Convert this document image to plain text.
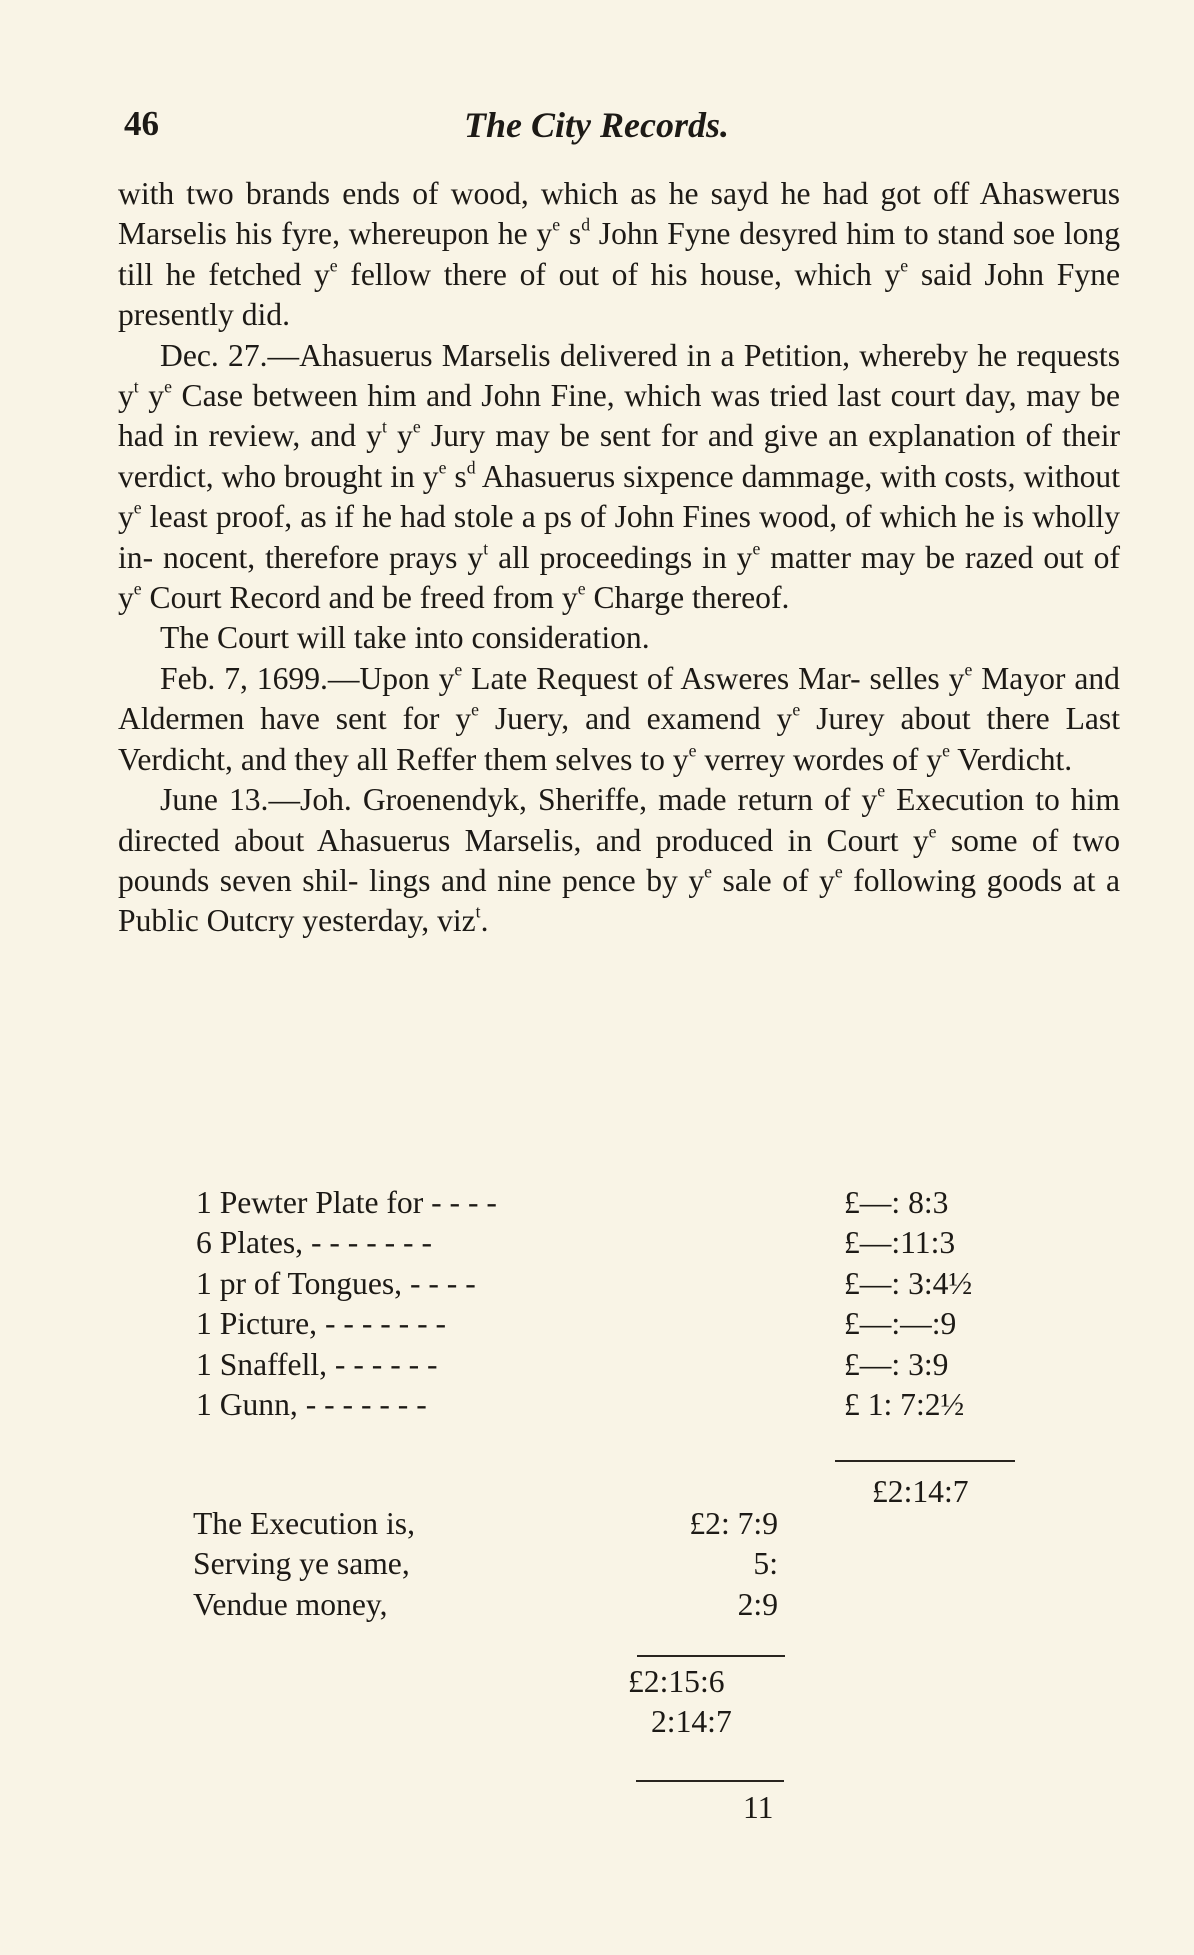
46	The City Records.

with two brands ends of wood, which as he sayd he had got off Ahaswerus Marselis his fyre, whereupon he $y^e$ $s^d$ John Fyne desyred him to stand soe long till he fetched $y^e$ fellow there of out of his house, which $y^e$ said John Fyne presently did.

Dec. 27.—Ahasuerus Marselis delivered in a Petition, whereby he requests $y^t$ $y^e$ Case between him and John Fine, which was tried last court day, may be had in review, and $y^t$ $y^e$ Jury may be sent for and give an explanation of their verdict, who brought in $y^e$ $s^d$ Ahasuerus sixpence dammage, with costs, without $y^e$ least proof, as if he had stole a ps of John Fines wood, of which he is wholly in- nocent, therefore prays $y^t$ all proceedings in $y^e$ matter may be razed out of $y^e$ Court Record and be freed from $y^e$ Charge thereof.

The Court will take into consideration.

Feb. 7, 1699.—Upon $y^e$ Late Request of Asweres Mar- selles $y^e$ Mayor and Aldermen have sent for $y^e$ Juery, and examend $y^e$ Jurey about there Last Verdicht, and they all Reffer them selves to $y^e$ verrey wordes of $y^e$ Verdicht.

June 13.—Joh. Groenendyk, Sheriffe, made return of $y^e$ Execution to him directed about Ahasuerus Marselis, and produced in Court $y^e$ some of two pounds seven shil- lings and nine pence by $y^e$ sale of $y^e$ following goods at a Public Outcry yesterday, viz$^t$.

1 Pewter Plate for - - - -	£—: 8:3
6 Plates, - - - - - - -	£—:11:3
1 pr of Tongues, - - - -	£—: 3:4½
1 Picture, - - - - - - -	£—:—:9
1 Snaffell, - - - - - -	£—: 3:9
1 Gunn, - - - - - - -	£ 1: 7:2½
£2:14:7
The Execution is,	£2: 7:9
Serving ye same,	5:
Vendue money,	2:9
£2:15:6
2:14:7
11
